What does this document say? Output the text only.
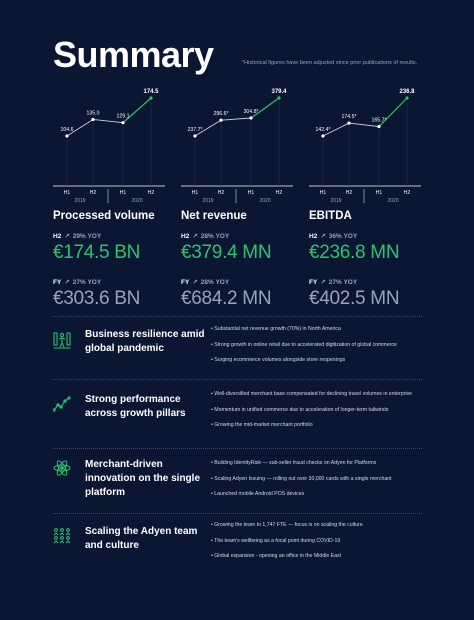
Summary	*Historical figures have been adjusted since prior publications of results.
104.6
135.0
129.1
174.5
H1	H2	H1	H2
2019	2020
237.7*
296.6*	304.8*
379.4
H1	H2	H1	H2
2019	2020
142.4*
174.5*
165.7*
236.8
H1	H2	H1	H2
2019	2020
Processed volume
H2 ↗ 29% YOY
€174.5 BN
FY ↗ 27% YOY
€303.6 BN
Net revenue
H2 ↗ 28% YOY
€379.4 MN
FY ↗ 28% YOY
€684.2 MN
EBITDA
H2 ↗ 36% YOY
€236.8 MN
FY ↗ 27% YOY
€402.5 MN
Business resilience amid global pandemic
• Substantial net revenue growth (70%) in North America
• Strong growth in online retail due to accelerated digitization of global commerce
• Surging ecommerce volumes alongside store reopenings
Strong performance across growth pillars
• Well-diversified merchant base compensated for declining travel volumes in enterprise
• Momentum in unified commerce due to acceleration of longer-term tailwinds
• Growing the mid-market merchant portfolio
Merchant-driven innovation on the single platform
• Building IdentityRisk — sub-seller fraud checks on Adyen for Platforms
• Scaling Adyen Issuing — rolling out over 30,000 cards with a single merchant
• Launched mobile Android POS devices
Scaling the Adyen team and culture
• Growing the team to 1,747 FTE — focus is on scaling the culture
• The team's wellbeing as a focal point during COVID-19
• Global expansion - opening an office in the Middle East
